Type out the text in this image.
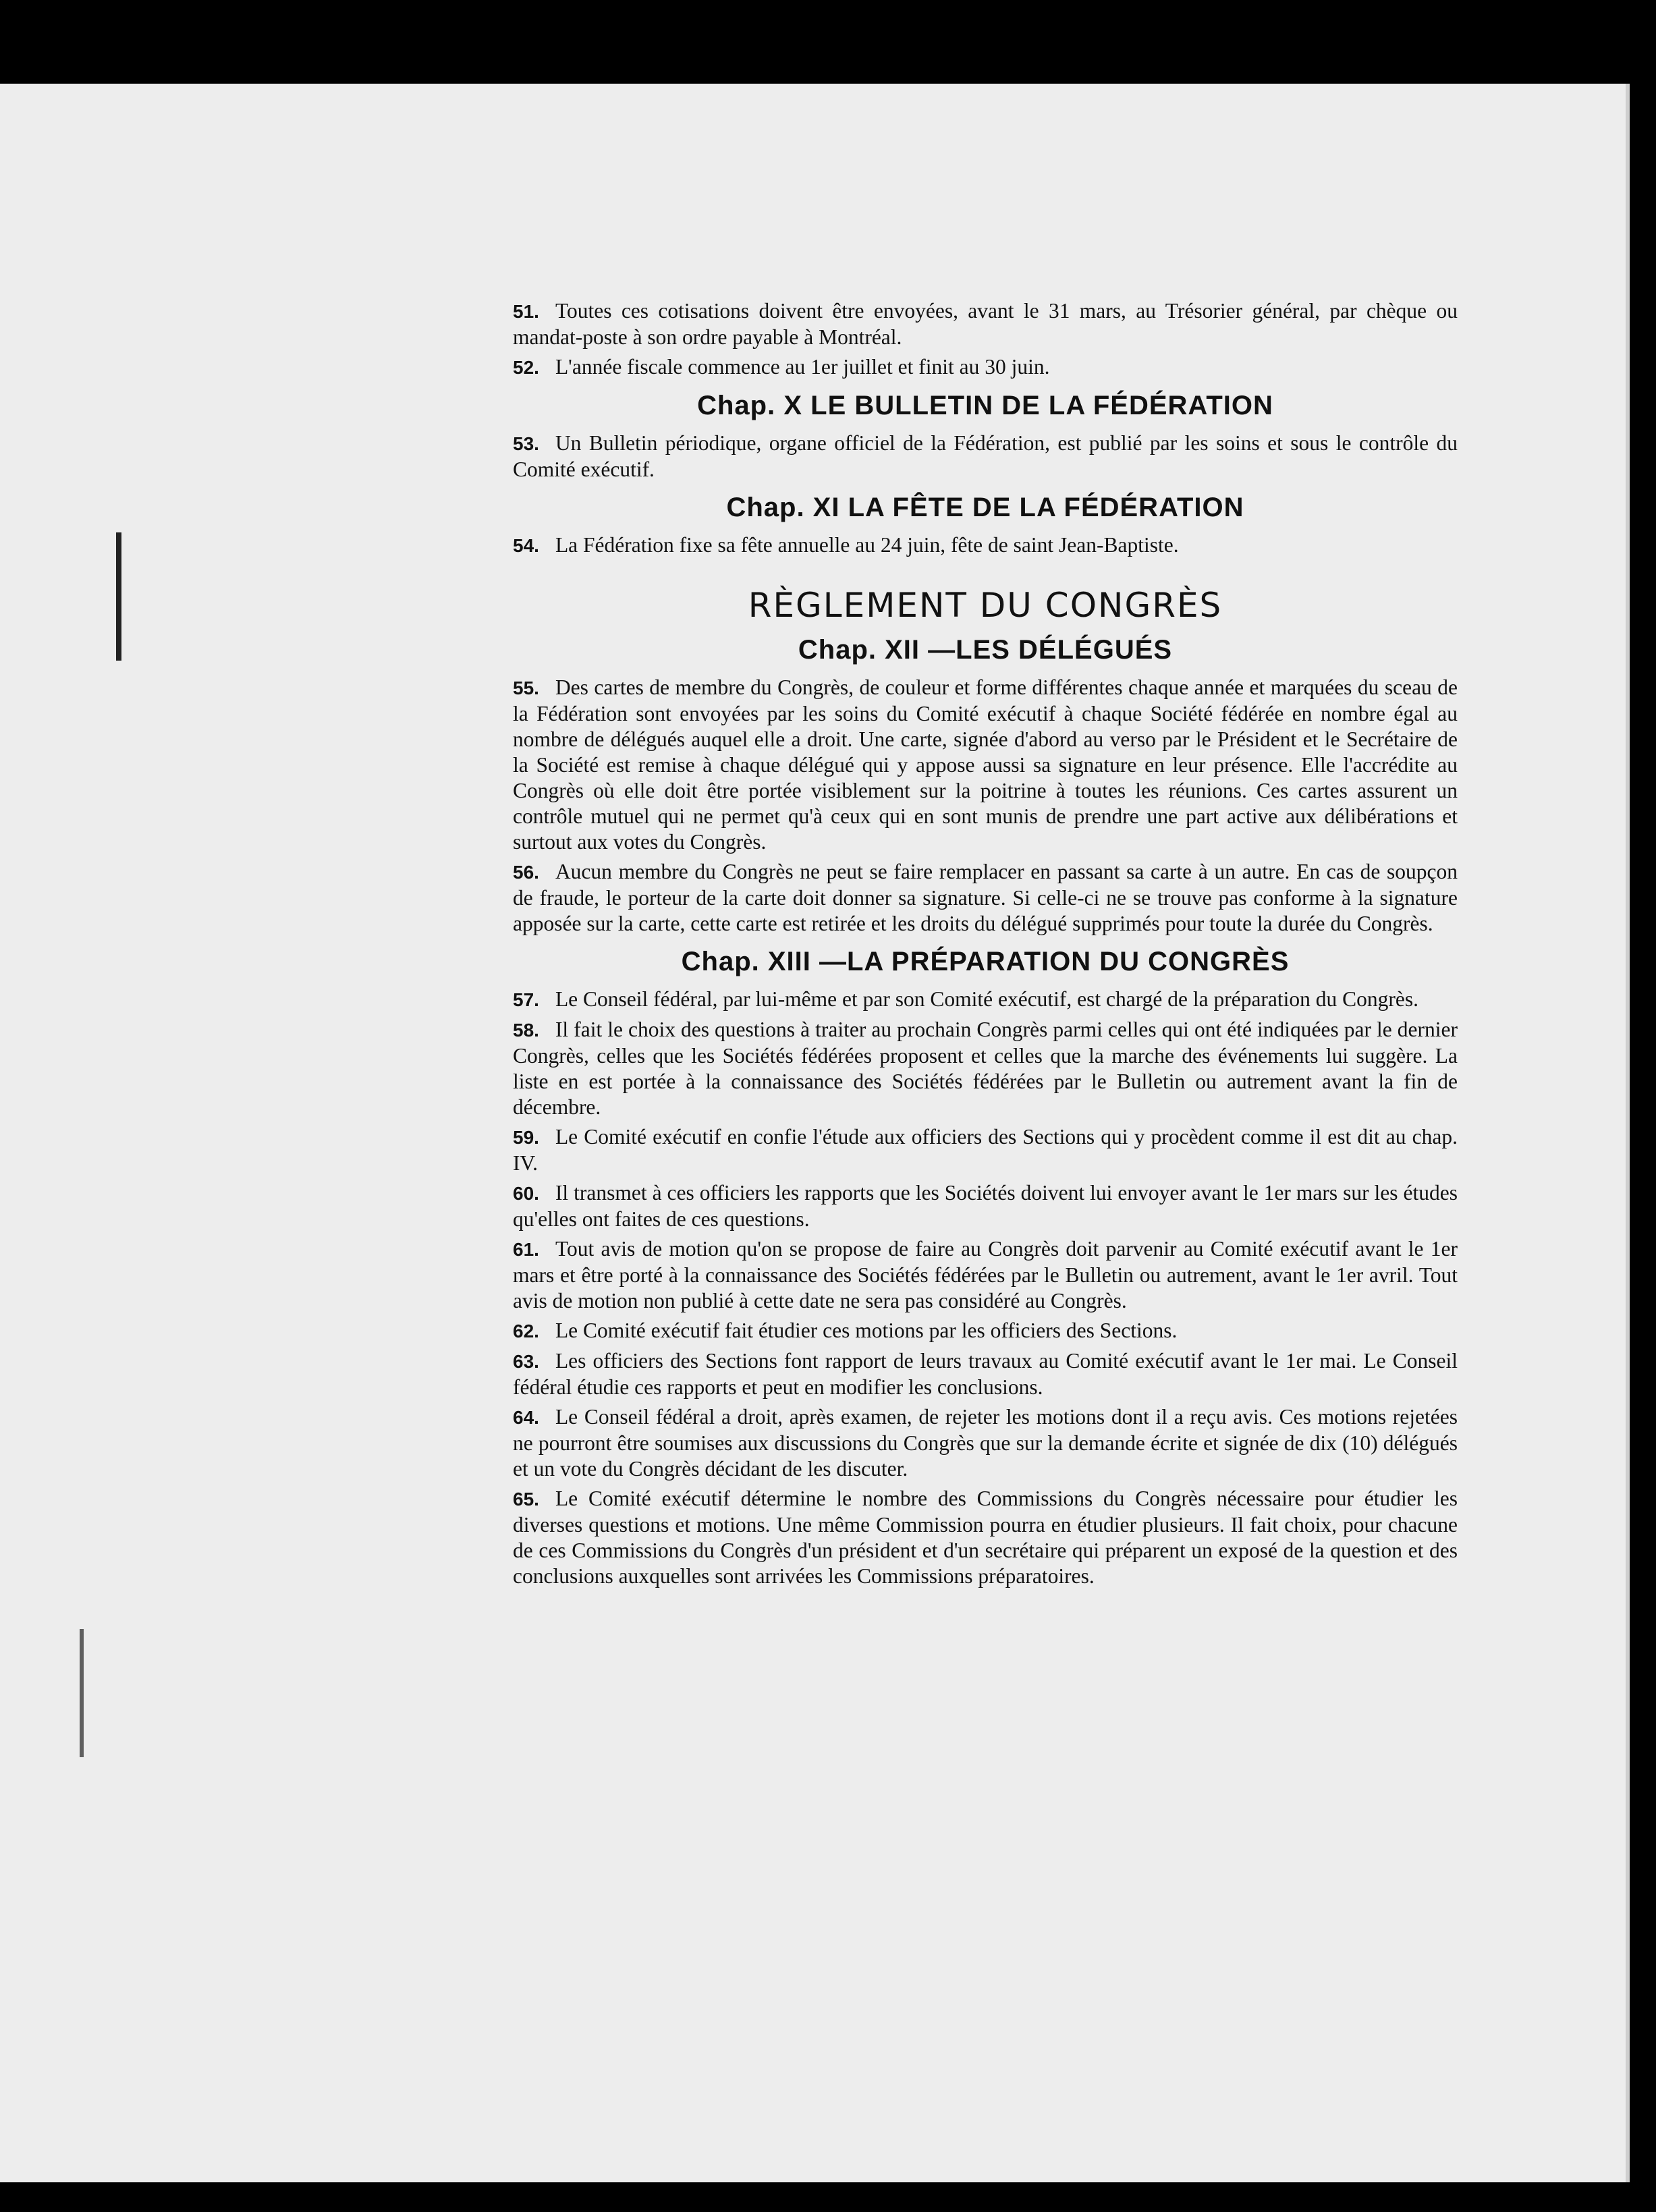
51. Toutes ces cotisations doivent être envoyées, avant le 31 mars, au Trésorier général, par chèque ou mandat-poste à son ordre payable à Montréal.

52. L'année fiscale commence au 1er juillet et finit au 30 juin.

Chap. X LE BULLETIN DE LA FÉDÉRATION

53. Un Bulletin périodique, organe officiel de la Fédération, est publié par les soins et sous le contrôle du Comité exécutif.

Chap. XI LA FÊTE DE LA FÉDÉRATION

54. La Fédération fixe sa fête annuelle au 24 juin, fête de saint Jean-Baptiste.

RÈGLEMENT DU CONGRÈS
Chap. XII —LES DÉLÉGUÉS

55. Des cartes de membre du Congrès, de couleur et forme différentes chaque année et marquées du sceau de la Fédération sont envoyées par les soins du Comité exécutif à chaque Société fédérée en nombre égal au nombre de délégués auquel elle a droit. Une carte, signée d'abord au verso par le Président et le Secrétaire de la Société est remise à chaque délégué qui y appose aussi sa signature en leur présence. Elle l'accrédite au Congrès où elle doit être portée visiblement sur la poitrine à toutes les réunions. Ces cartes assurent un contrôle mutuel qui ne permet qu'à ceux qui en sont munis de prendre une part active aux délibérations et surtout aux votes du Congrès.

56. Aucun membre du Congrès ne peut se faire remplacer en passant sa carte à un autre. En cas de soupçon de fraude, le porteur de la carte doit donner sa signature. Si celle-ci ne se trouve pas conforme à la signature apposée sur la carte, cette carte est retirée et les droits du délégué supprimés pour toute la durée du Congrès.

Chap. XIII —LA PRÉPARATION DU CONGRÈS

57. Le Conseil fédéral, par lui-même et par son Comité exécutif, est chargé de la préparation du Congrès.

58. Il fait le choix des questions à traiter au prochain Congrès parmi celles qui ont été indiquées par le dernier Congrès, celles que les Sociétés fédérées proposent et celles que la marche des événements lui suggère. La liste en est portée à la connaissance des Sociétés fédérées par le Bulletin ou autrement avant la fin de décembre.

59. Le Comité exécutif en confie l'étude aux officiers des Sections qui y procèdent comme il est dit au chap. IV.

60. Il transmet à ces officiers les rapports que les Sociétés doivent lui envoyer avant le 1er mars sur les études qu'elles ont faites de ces questions.

61. Tout avis de motion qu'on se propose de faire au Congrès doit parvenir au Comité exécutif avant le 1er mars et être porté à la connaissance des Sociétés fédérées par le Bulletin ou autrement, avant le 1er avril. Tout avis de motion non publié à cette date ne sera pas considéré au Congrès.

62. Le Comité exécutif fait étudier ces motions par les officiers des Sections.

63. Les officiers des Sections font rapport de leurs travaux au Comité exécutif avant le 1er mai. Le Conseil fédéral étudie ces rapports et peut en modifier les conclusions.

64. Le Conseil fédéral a droit, après examen, de rejeter les motions dont il a reçu avis. Ces motions rejetées ne pourront être soumises aux discussions du Congrès que sur la demande écrite et signée de dix (10) délégués et un vote du Congrès décidant de les discuter.

65. Le Comité exécutif détermine le nombre des Commissions du Congrès nécessaire pour étudier les diverses questions et motions. Une même Commission pourra en étudier plusieurs. Il fait choix, pour chacune de ces Commissions du Congrès d'un président et d'un secrétaire qui préparent un exposé de la question et des conclusions auxquelles sont arrivées les Commissions préparatoires.
